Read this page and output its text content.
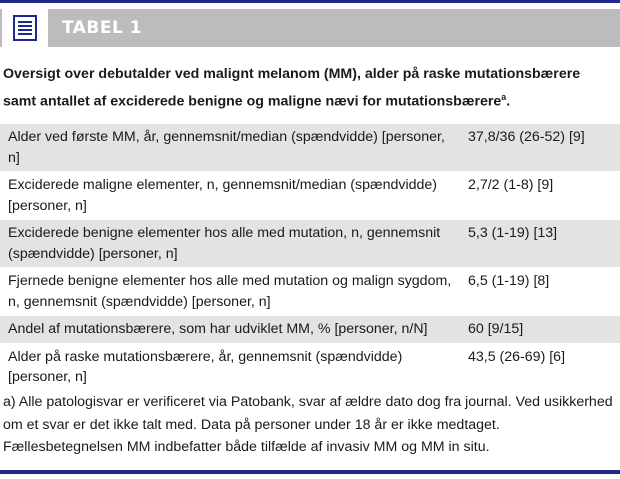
TABEL 1
Oversigt over debutalder ved malignt melanom (MM), alder på raske mutationsbærere samt antallet af exciderede benigne og maligne nævi for mutationsbærere$^a$.
Alder ved første MM, år, gennemsnit/median (spændvidde) [personer, n]
37,8/36 (26-52) [9]
Exciderede maligne elementer, n, gennemsnit/median (spændvidde) [personer, n]
2,7/2 (1-8) [9]
Exciderede benigne elementer hos alle med mutation, n, gennemsnit (spændvidde) [personer, n]
5,3 (1-19) [13]
Fjernede benigne elementer hos alle med mutation og malign sygdom, n, gennemsnit (spændvidde) [personer, n]
6,5 (1-19) [8]
Andel af mutationsbærere, som har udviklet MM, % [personer, n/N]	60 [9/15]
Alder på raske mutationsbærere, år, gennemsnit (spændvidde) [personer, n]
43,5 (26-69) [6]
a) Alle patologisvar er verificeret via Patobank, svar af ældre dato dog fra journal. Ved usikkerhed om et svar er det ikke talt med. Data på personer under 18 år er ikke medtaget. Fællesbetegnelsen MM indbefatter både tilfælde af invasiv MM og MM in situ.
